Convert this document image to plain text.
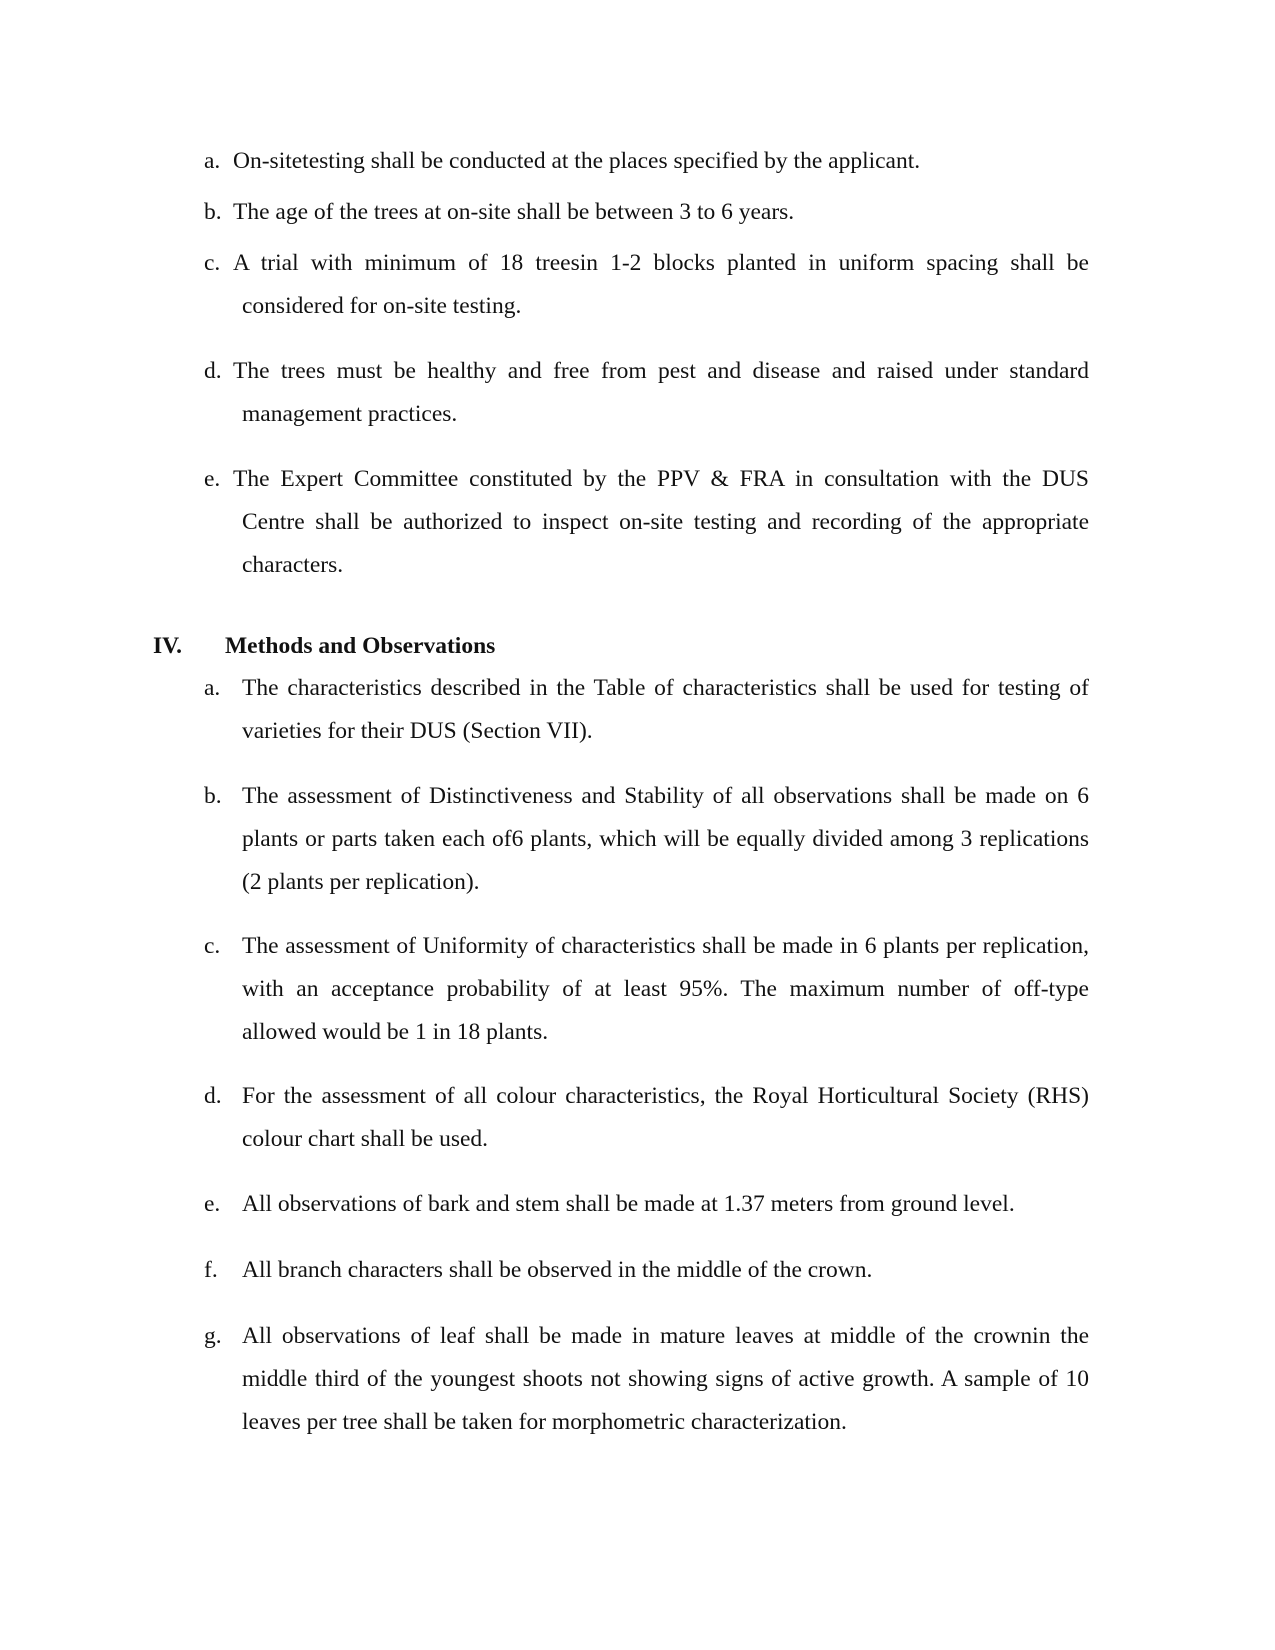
a. On-sitetesting shall be conducted at the places specified by the applicant.
b. The age of the trees at on-site shall be between 3 to 6 years.
c. A trial with minimum of 18 treesin 1-2 blocks planted in uniform spacing shall be considered for on-site testing.
d. The trees must be healthy and free from pest and disease and raised under standard management practices.
e. The Expert Committee constituted by the PPV & FRA in consultation with the DUS Centre shall be authorized to inspect on-site testing and recording of the appropriate characters.
IV. Methods and Observations
a. The characteristics described in the Table of characteristics shall be used for testing of varieties for their DUS (Section VII).
b. The assessment of Distinctiveness and Stability of all observations shall be made on 6 plants or parts taken each of6 plants, which will be equally divided among 3 replications (2 plants per replication).
c. The assessment of Uniformity of characteristics shall be made in 6 plants per replication, with an acceptance probability of at least 95%. The maximum number of off-type allowed would be 1 in 18 plants.
d. For the assessment of all colour characteristics, the Royal Horticultural Society (RHS) colour chart shall be used.
e. All observations of bark and stem shall be made at 1.37 meters from ground level.
f. All branch characters shall be observed in the middle of the crown.
g. All observations of leaf shall be made in mature leaves at middle of the crownin the middle third of the youngest shoots not showing signs of active growth. A sample of 10 leaves per tree shall be taken for morphometric characterization.
